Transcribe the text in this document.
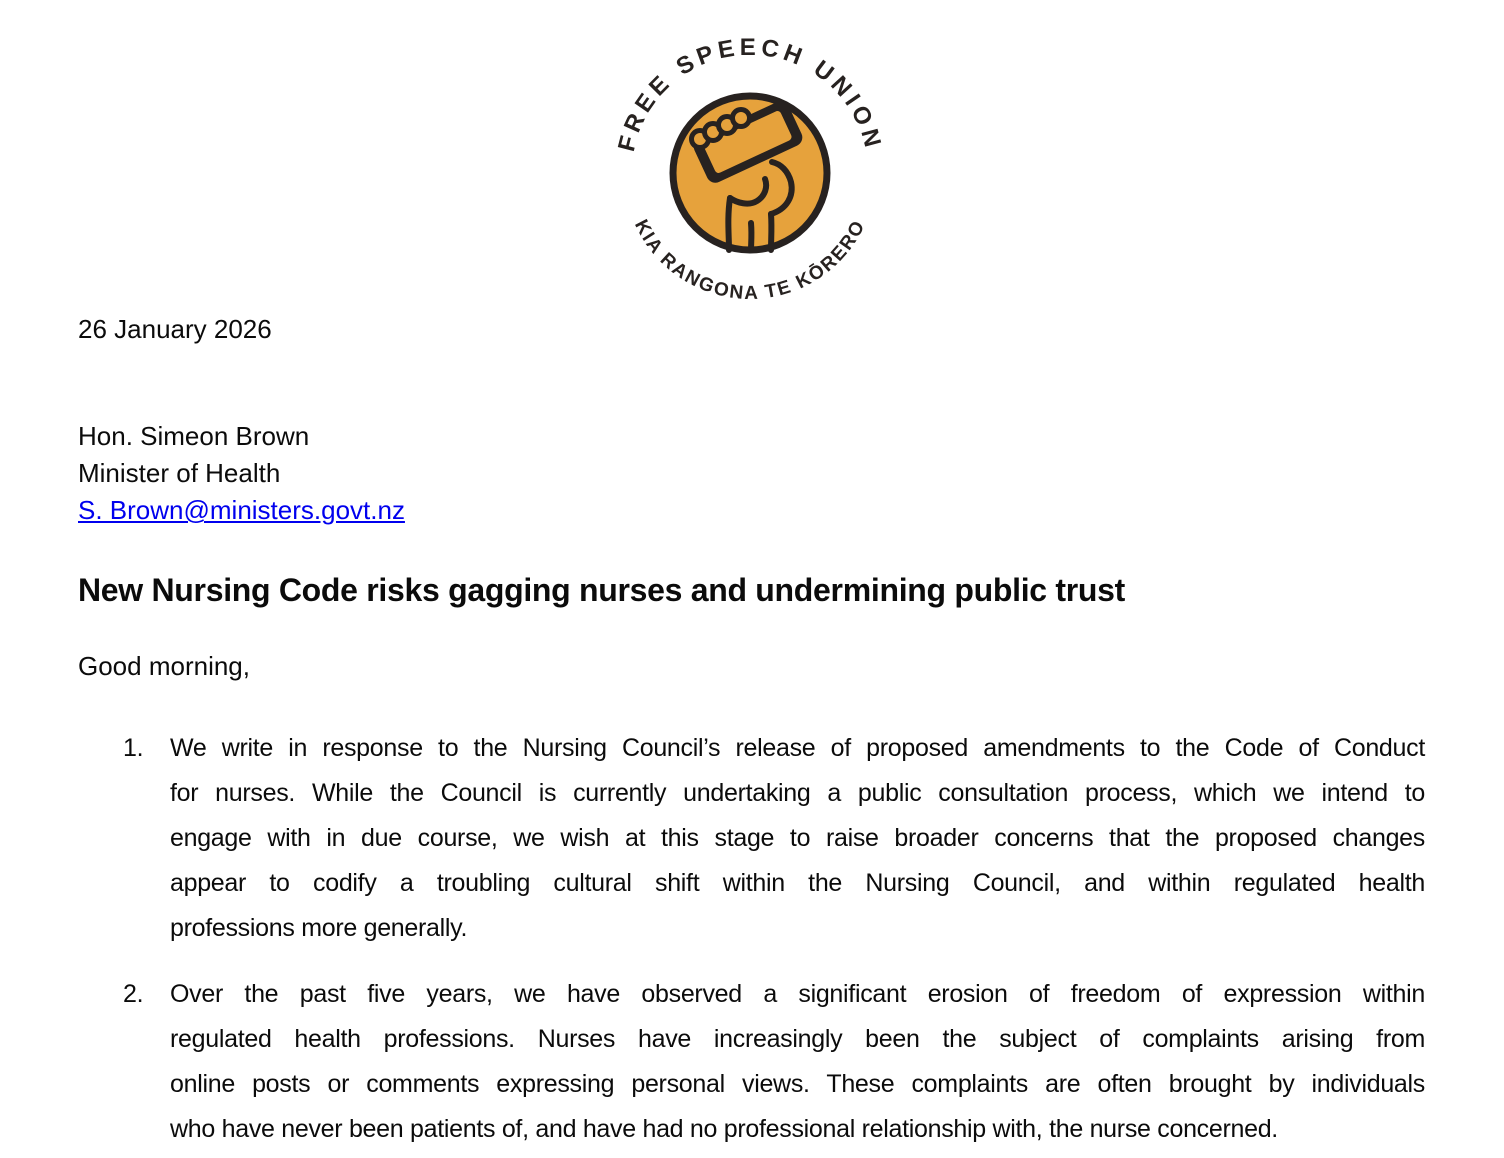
FREE SPEECH UNION
KIA RANGONA TE KŌRERO
26 January 2026
Hon. Simeon Brown
Minister of Health
S. Brown@ministers.govt.nz
New Nursing Code risks gagging nurses and undermining public trust
Good morning,
1. We write in response to the Nursing Council’s release of proposed amendments to the Code of Conduct
for nurses. While the Council is currently undertaking a public consultation process, which we intend to
engage with in due course, we wish at this stage to raise broader concerns that the proposed changes
appear to codify a troubling cultural shift within the Nursing Council, and within regulated health
professions more generally.
2. Over the past five years, we have observed a significant erosion of freedom of expression within
regulated health professions. Nurses have increasingly been the subject of complaints arising from
online posts or comments expressing personal views. These complaints are often brought by individuals
who have never been patients of, and have had no professional relationship with, the nurse concerned.
